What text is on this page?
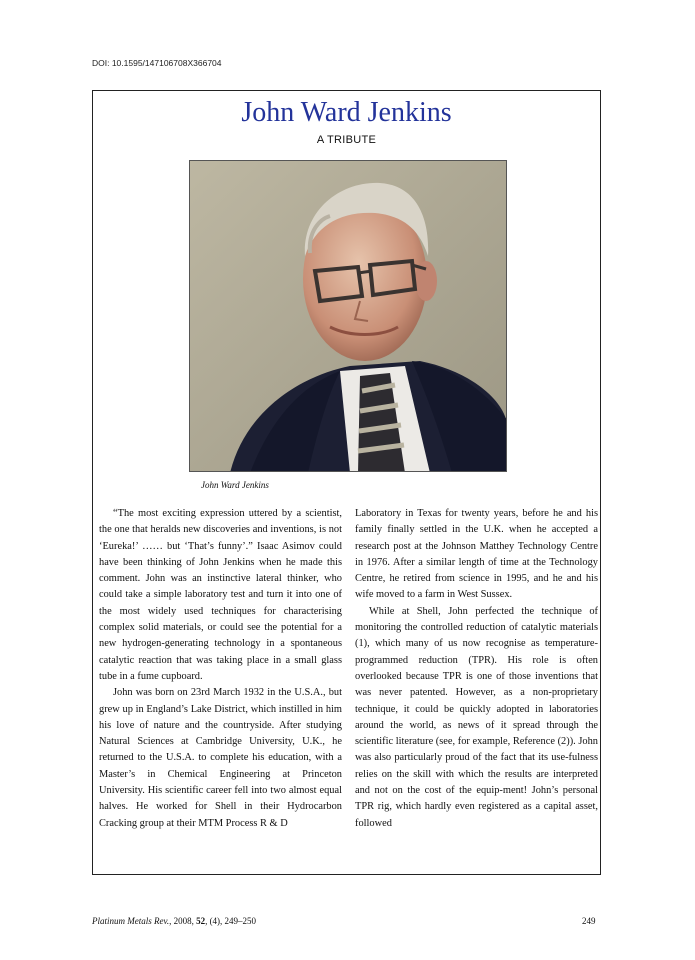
DOI: 10.1595/147106708X366704
John Ward Jenkins
A TRIBUTE
John Ward Jenkins

“The most exciting expression uttered by a scientist, the one that heralds new discoveries and inventions, is not ‘Eureka!’ …… but ‘That’s funny’.” Isaac Asimov could have been thinking of John Jenkins when he made this comment. John was an instinctive lateral thinker, who could take a simple laboratory test and turn it into one of the most widely used techniques for characterising complex solid materials, or could see the potential for a new hydrogen-generating technology in a spontaneous catalytic reaction that was taking place in a small glass tube in a fume cupboard.

John was born on 23rd March 1932 in the U.S.A., but grew up in England’s Lake District, which instilled in him his love of nature and the countryside. After studying Natural Sciences at Cambridge University, U.K., he returned to the U.S.A. to complete his education, with a Master’s in Chemical Engineering at Princeton University. His scientific career fell into two almost equal halves. He worked for Shell in their Hydrocarbon Cracking group at their MTM Process R & D

Laboratory in Texas for twenty years, before he and his family finally settled in the U.K. when he accepted a research post at the Johnson Matthey Technology Centre in 1976. After a similar length of time at the Technology Centre, he retired from science in 1995, and he and his wife moved to a farm in West Sussex.

While at Shell, John perfected the technique of monitoring the controlled reduction of catalytic materials (1), which many of us now recognise as temperature-programmed reduction (TPR). His role is often overlooked because TPR is one of those inventions that was never patented. However, as a non-proprietary technique, it could be quickly adopted in laboratories around the world, as news of it spread through the scientific literature (see, for example, Reference (2)). John was also particularly proud of the fact that its use-fulness relies on the skill with which the results are interpreted and not on the cost of the equip-ment! John’s personal TPR rig, which hardly even registered as a capital asset, followed

Platinum Metals Rev., 2008, 52, (4), 249–250	249
